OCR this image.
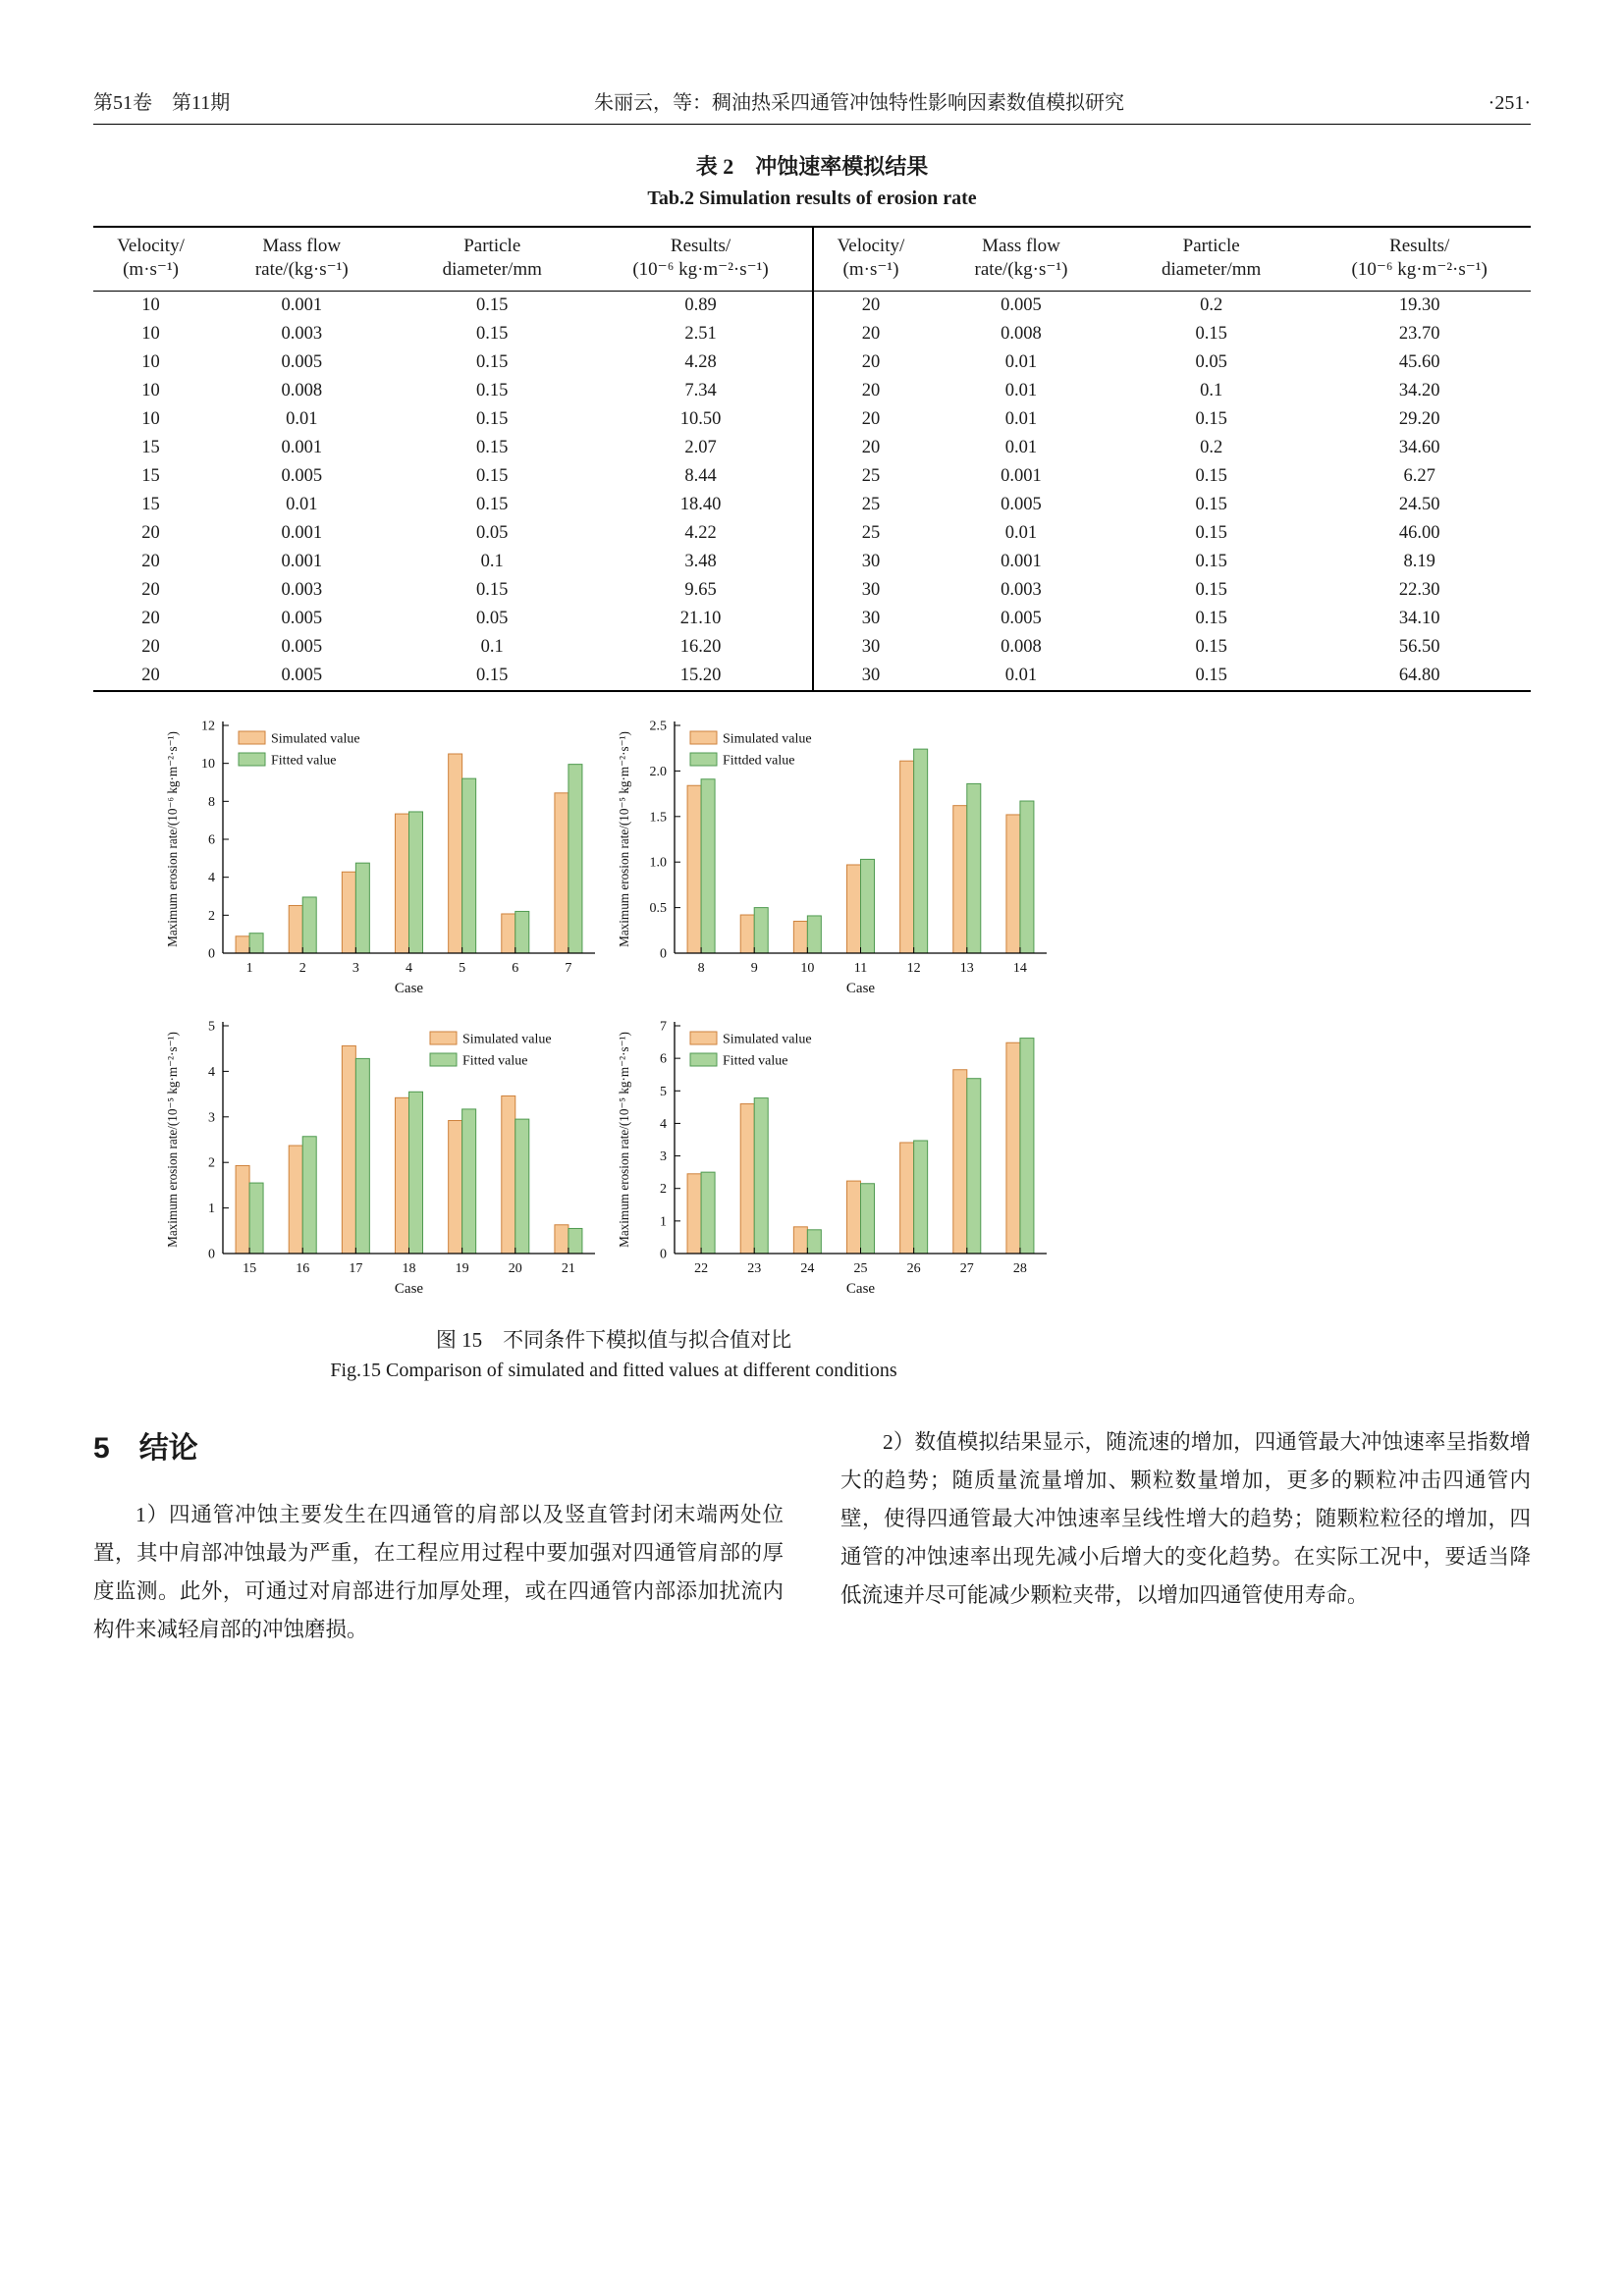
第51卷　第11期	朱丽云，等：稠油热采四通管冲蚀特性影响因素数值模拟研究	·251·
表 2　冲蚀速率模拟结果
Tab.2 Simulation results of erosion rate
Velocity/
(m·s⁻¹)

Mass flow
rate/(kg·s⁻¹)

Particle
diameter/mm

Results/
(10⁻⁶ kg·m⁻²·s⁻¹)

10	0.001	0.15	0.89
10	0.003	0.15	2.51
10	0.005	0.15	4.28
10	0.008	0.15	7.34
10	0.01	0.15	10.50
15	0.001	0.15	2.07
15	0.005	0.15	8.44
15	0.01	0.15	18.40
20	0.001	0.05	4.22
20	0.001	0.1	3.48
20	0.003	0.15	9.65
20	0.005	0.05	21.10
20	0.005	0.1	16.20
20	0.005	0.15	15.20
Velocity/
(m·s⁻¹)

Mass flow
rate/(kg·s⁻¹)

Particle
diameter/mm

Results/
(10⁻⁶ kg·m⁻²·s⁻¹)

20	0.005	0.2	19.30
20	0.008	0.15	23.70
20	0.01	0.05	45.60
20	0.01	0.1	34.20
20	0.01	0.15	29.20
20	0.01	0.2	34.60
25	0.001	0.15	6.27
25	0.005	0.15	24.50
25	0.01	0.15	46.00
30	0.001	0.15	8.19
30	0.003	0.15	22.30
30	0.005	0.15	34.10
30	0.008	0.15	56.50
30	0.01	0.15	64.80
0
2
4
6
8
10
12
1	2	3	4	5	6	7
Case
Maximum erosion rate/(10⁻⁶ kg·m⁻²·s⁻¹)	Simulated value
Fitted value
0
0.5
1.0
1.5
2.0
2.5
8	9	10	11	12	13	14
Case
Maximum erosion rate/(10⁻⁵ kg·m⁻²·s⁻¹)	Simulated value
Fittded value
0
1
2
3
4
5
15	16	17	18	19	20	21
Case
Maximum erosion rate/(10⁻⁵ kg·m⁻²·s⁻¹)	Simulated value
Fitted value
0
1
2
3
4
5
6
7
22	23	24	25	26	27	28
Case
Maximum erosion rate/(10⁻⁵ kg·m⁻²·s⁻¹)	Simulated value
Fitted value
图 15　不同条件下模拟值与拟合值对比
Fig.15 Comparison of simulated and fitted values at different conditions
5 结论

1）四通管冲蚀主要发生在四通管的肩部以及竖直管封闭末端两处位置，其中肩部冲蚀最为严重，在工程应用过程中要加强对四通管肩部的厚度监测。此外，可通过对肩部进行加厚处理，或在四通管内部添加扰流内构件来减轻肩部的冲蚀磨损。

2）数值模拟结果显示，随流速的增加，四通管最大冲蚀速率呈指数增大的趋势；随质量流量增加、颗粒数量增加，更多的颗粒冲击四通管内壁，使得四通管最大冲蚀速率呈线性增大的趋势；随颗粒粒径的增加，四通管的冲蚀速率出现先减小后增大的变化趋势。在实际工况中，要适当降低流速并尽可能减少颗粒夹带，以增加四通管使用寿命。
